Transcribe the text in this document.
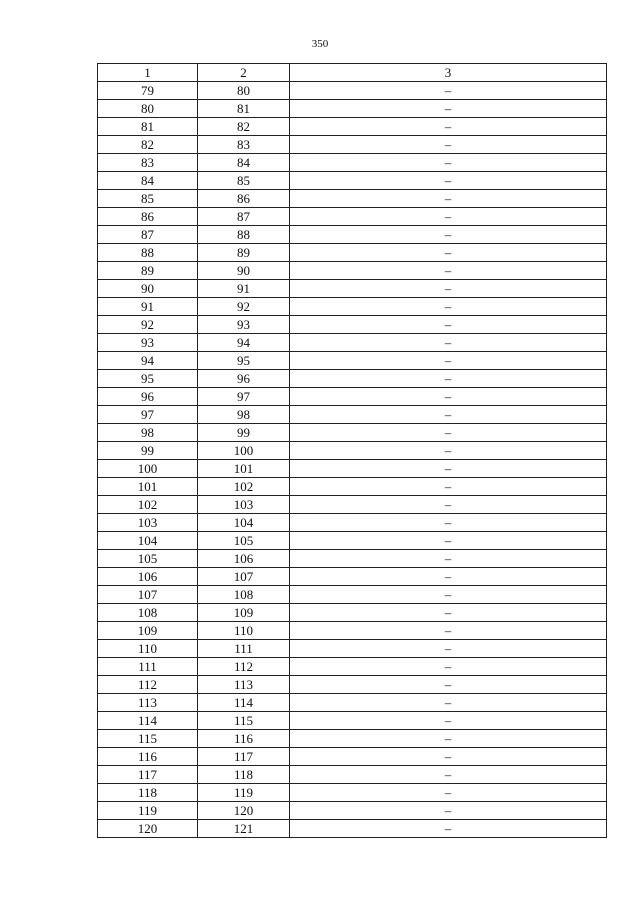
350
1	2	3
79	80	–
80	81	–
81	82	–
82	83	–
83	84	–
84	85	–
85	86	–
86	87	–
87	88	–
88	89	–
89	90	–
90	91	–
91	92	–
92	93	–
93	94	–
94	95	–
95	96	–
96	97	–
97	98	–
98	99	–
99	100	–
100	101	–
101	102	–
102	103	–
103	104	–
104	105	–
105	106	–
106	107	–
107	108	–
108	109	–
109	110	–
110	111	–
111	112	–
112	113	–
113	114	–
114	115	–
115	116	–
116	117	–
117	118	–
118	119	–
119	120	–
120	121	–
